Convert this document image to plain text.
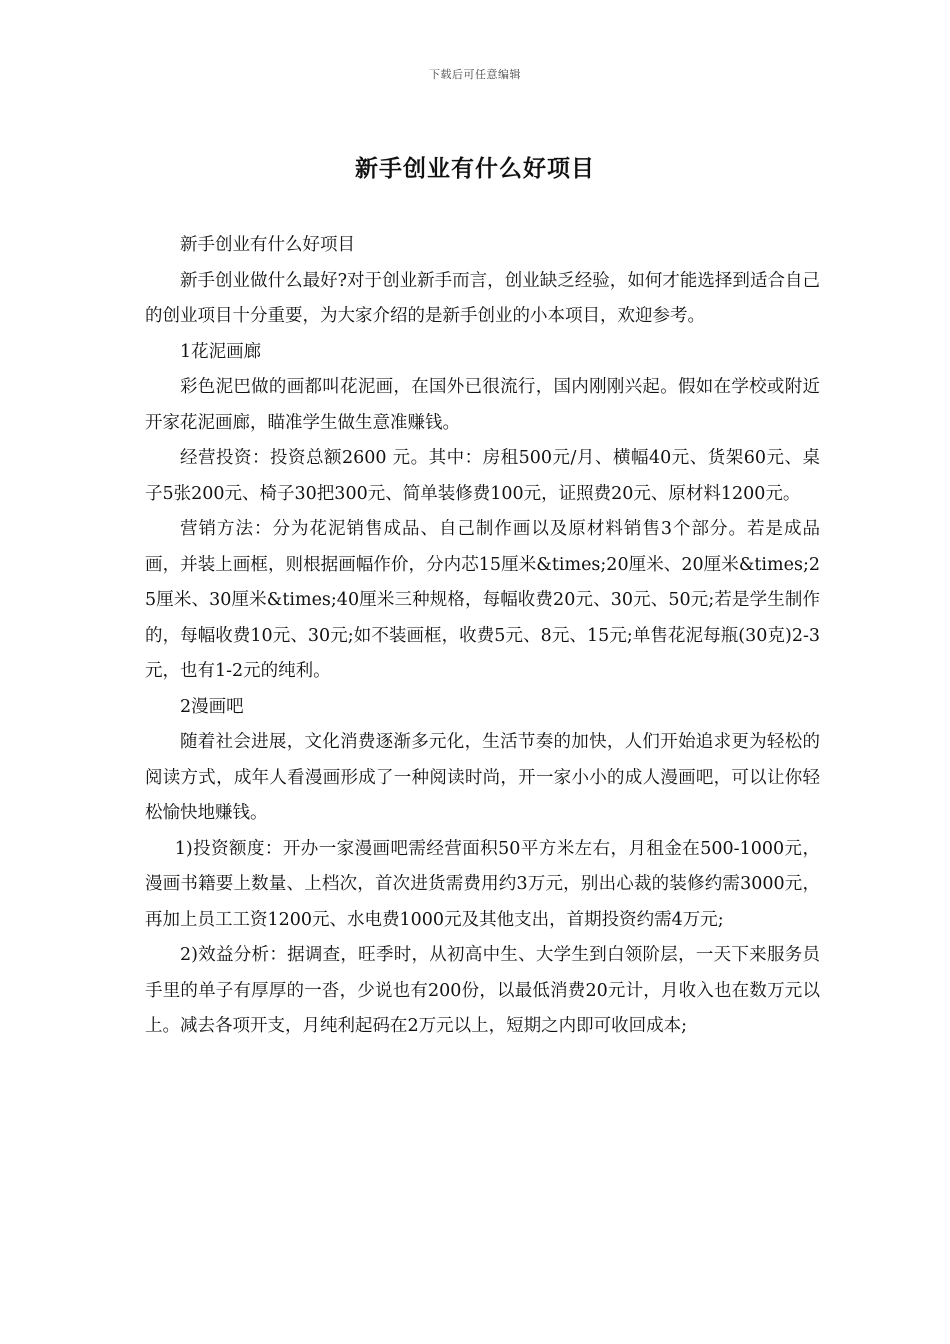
下载后可任意编辑
新手创业有什么好项目

新手创业有什么好项目

新手创业做什么最好?对于创业新手而言，创业缺乏经验，如何才能选择到适合自己的创业项目十分重要，为大家介绍的是新手创业的小本项目，欢迎参考。

1花泥画廊

彩色泥巴做的画都叫花泥画，在国外已很流行，国内刚刚兴起。假如在学校或附近开家花泥画廊，瞄准学生做生意准赚钱。

经营投资：投资总额2600 元。其中：房租500元/月、横幅40元、货架60元、桌子5张200元、椅子30把300元、简单装修费100元，证照费20元、原材料1200元。

营销方法：分为花泥销售成品、自己制作画以及原材料销售3个部分。若是成品画，并装上画框，则根据画幅作价，分内芯15厘米&times;20厘米、20厘米&times;25厘米、30厘米&times;40厘米三种规格，每幅收费20元、30元、50元;若是学生制作的，每幅收费10元、30元;如不装画框，收费5元、8元、15元;单售花泥每瓶(30克)2-3元，也有1-2元的纯利。

2漫画吧

随着社会进展，文化消费逐渐多元化，生活节奏的加快，人们开始追求更为轻松的阅读方式，成年人看漫画形成了一种阅读时尚，开一家小小的成人漫画吧，可以让你轻松愉快地赚钱。

1)投资额度：开办一家漫画吧需经营面积50平方米左右，月租金在500-1000元，漫画书籍要上数量、上档次，首次进货需费用约3万元，别出心裁的装修约需3000元，再加上员工工资1200元、水电费1000元及其他支出，首期投资约需4万元;

2)效益分析：据调查，旺季时，从初高中生、大学生到白领阶层，一天下来服务员手里的单子有厚厚的一沓，少说也有200份，以最低消费20元计，月收入也在数万元以上。减去各项开支，月纯利起码在2万元以上，短期之内即可收回成本;
